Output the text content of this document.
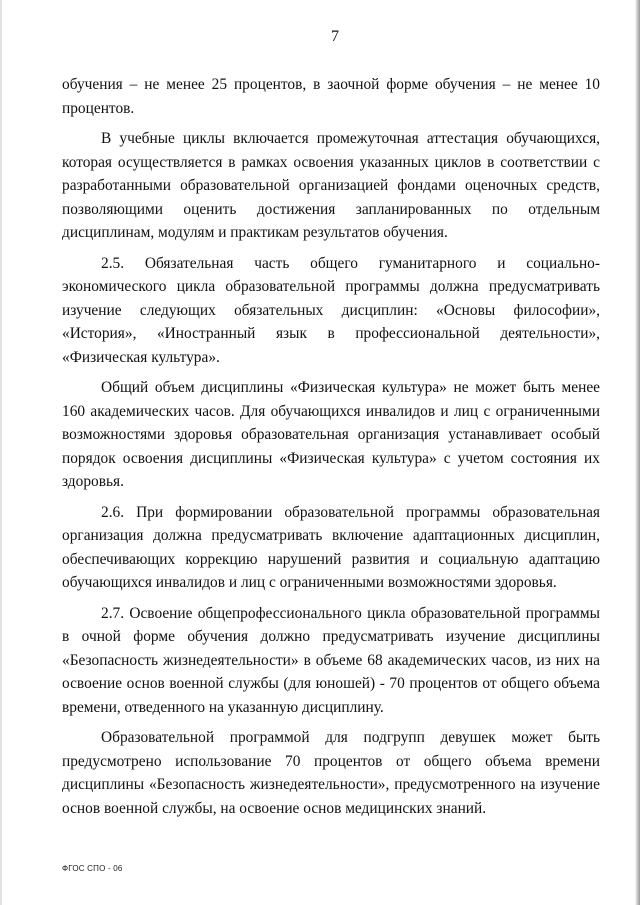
7

обучения – не менее 25 процентов, в заочной форме обучения – не менее 10 процентов.

В учебные циклы включается промежуточная аттестация обучающихся, которая осуществляется в рамках освоения указанных циклов в соответствии с разработанными образовательной организацией фондами оценочных средств, позволяющими оценить достижения запланированных по отдельным дисциплинам, модулям и практикам результатов обучения.

2.5. Обязательная часть общего гуманитарного и социально-экономического цикла образовательной программы должна предусматривать изучение следующих обязательных дисциплин: «Основы философии», «История», «Иностранный язык в профессиональной деятельности», «Физическая культура».

Общий объем дисциплины «Физическая культура» не может быть менее 160 академических часов. Для обучающихся инвалидов и лиц с ограниченными возможностями здоровья образовательная организация устанавливает особый порядок освоения дисциплины «Физическая культура» с учетом состояния их здоровья.

2.6. При формировании образовательной программы образовательная организация должна предусматривать включение адаптационных дисциплин, обеспечивающих коррекцию нарушений развития и социальную адаптацию обучающихся инвалидов и лиц с ограниченными возможностями здоровья.

2.7. Освоение общепрофессионального цикла образовательной программы в очной форме обучения должно предусматривать изучение дисциплины «Безопасность жизнедеятельности» в объеме 68 академических часов, из них на освоение основ военной службы (для юношей) - 70 процентов от общего объема времени, отведенного на указанную дисциплину.

Образовательной программой для подгрупп девушек может быть предусмотрено использование 70 процентов от общего объема времени дисциплины «Безопасность жизнедеятельности», предусмотренного на изучение основ военной службы, на освоение основ медицинских знаний.

ФГОС СПО - 06
